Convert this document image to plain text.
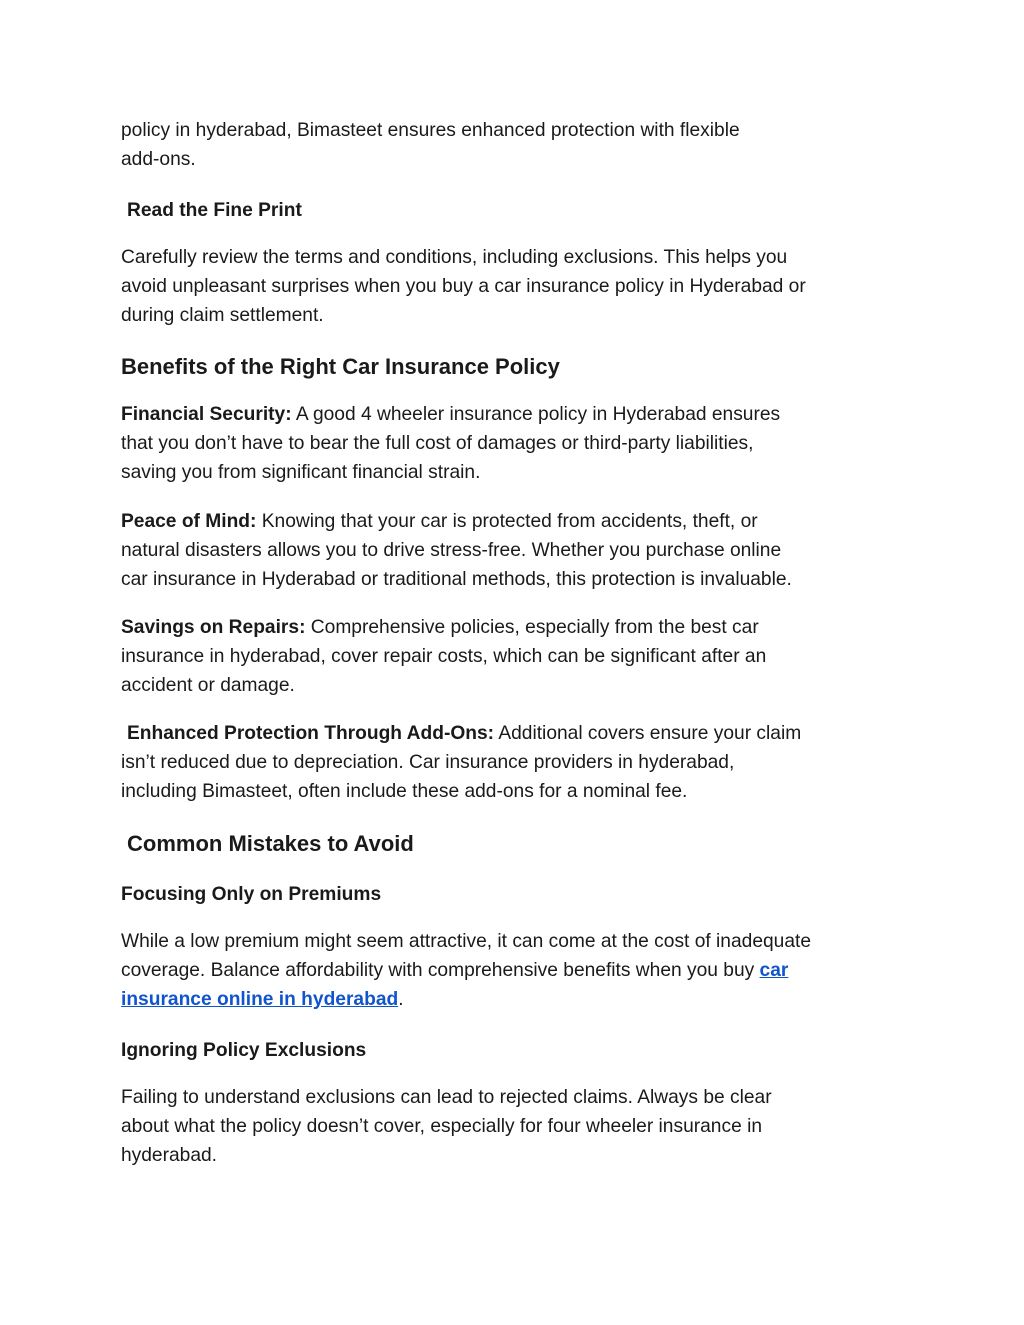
policy in hyderabad, Bimasteet ensures enhanced protection with flexible
add-ons.

Read the Fine Print

Carefully review the terms and conditions, including exclusions. This helps you
avoid unpleasant surprises when you buy a car insurance policy in Hyderabad or
during claim settlement.

Benefits of the Right Car Insurance Policy

Financial Security: A good 4 wheeler insurance policy in Hyderabad ensures
that you don’t have to bear the full cost of damages or third-party liabilities,
saving you from significant financial strain.

Peace of Mind: Knowing that your car is protected from accidents, theft, or
natural disasters allows you to drive stress-free. Whether you purchase online
car insurance in Hyderabad or traditional methods, this protection is invaluable.

Savings on Repairs: Comprehensive policies, especially from the best car
insurance in hyderabad, cover repair costs, which can be significant after an
accident or damage.

Enhanced Protection Through Add-Ons: Additional covers ensure your claim
isn’t reduced due to depreciation. Car insurance providers in hyderabad,
including Bimasteet, often include these add-ons for a nominal fee.

Common Mistakes to Avoid
Focusing Only on Premiums

While a low premium might seem attractive, it can come at the cost of inadequate
coverage. Balance affordability with comprehensive benefits when you buy car
insurance online in hyderabad.

Ignoring Policy Exclusions

Failing to understand exclusions can lead to rejected claims. Always be clear
about what the policy doesn’t cover, especially for four wheeler insurance in
hyderabad.
